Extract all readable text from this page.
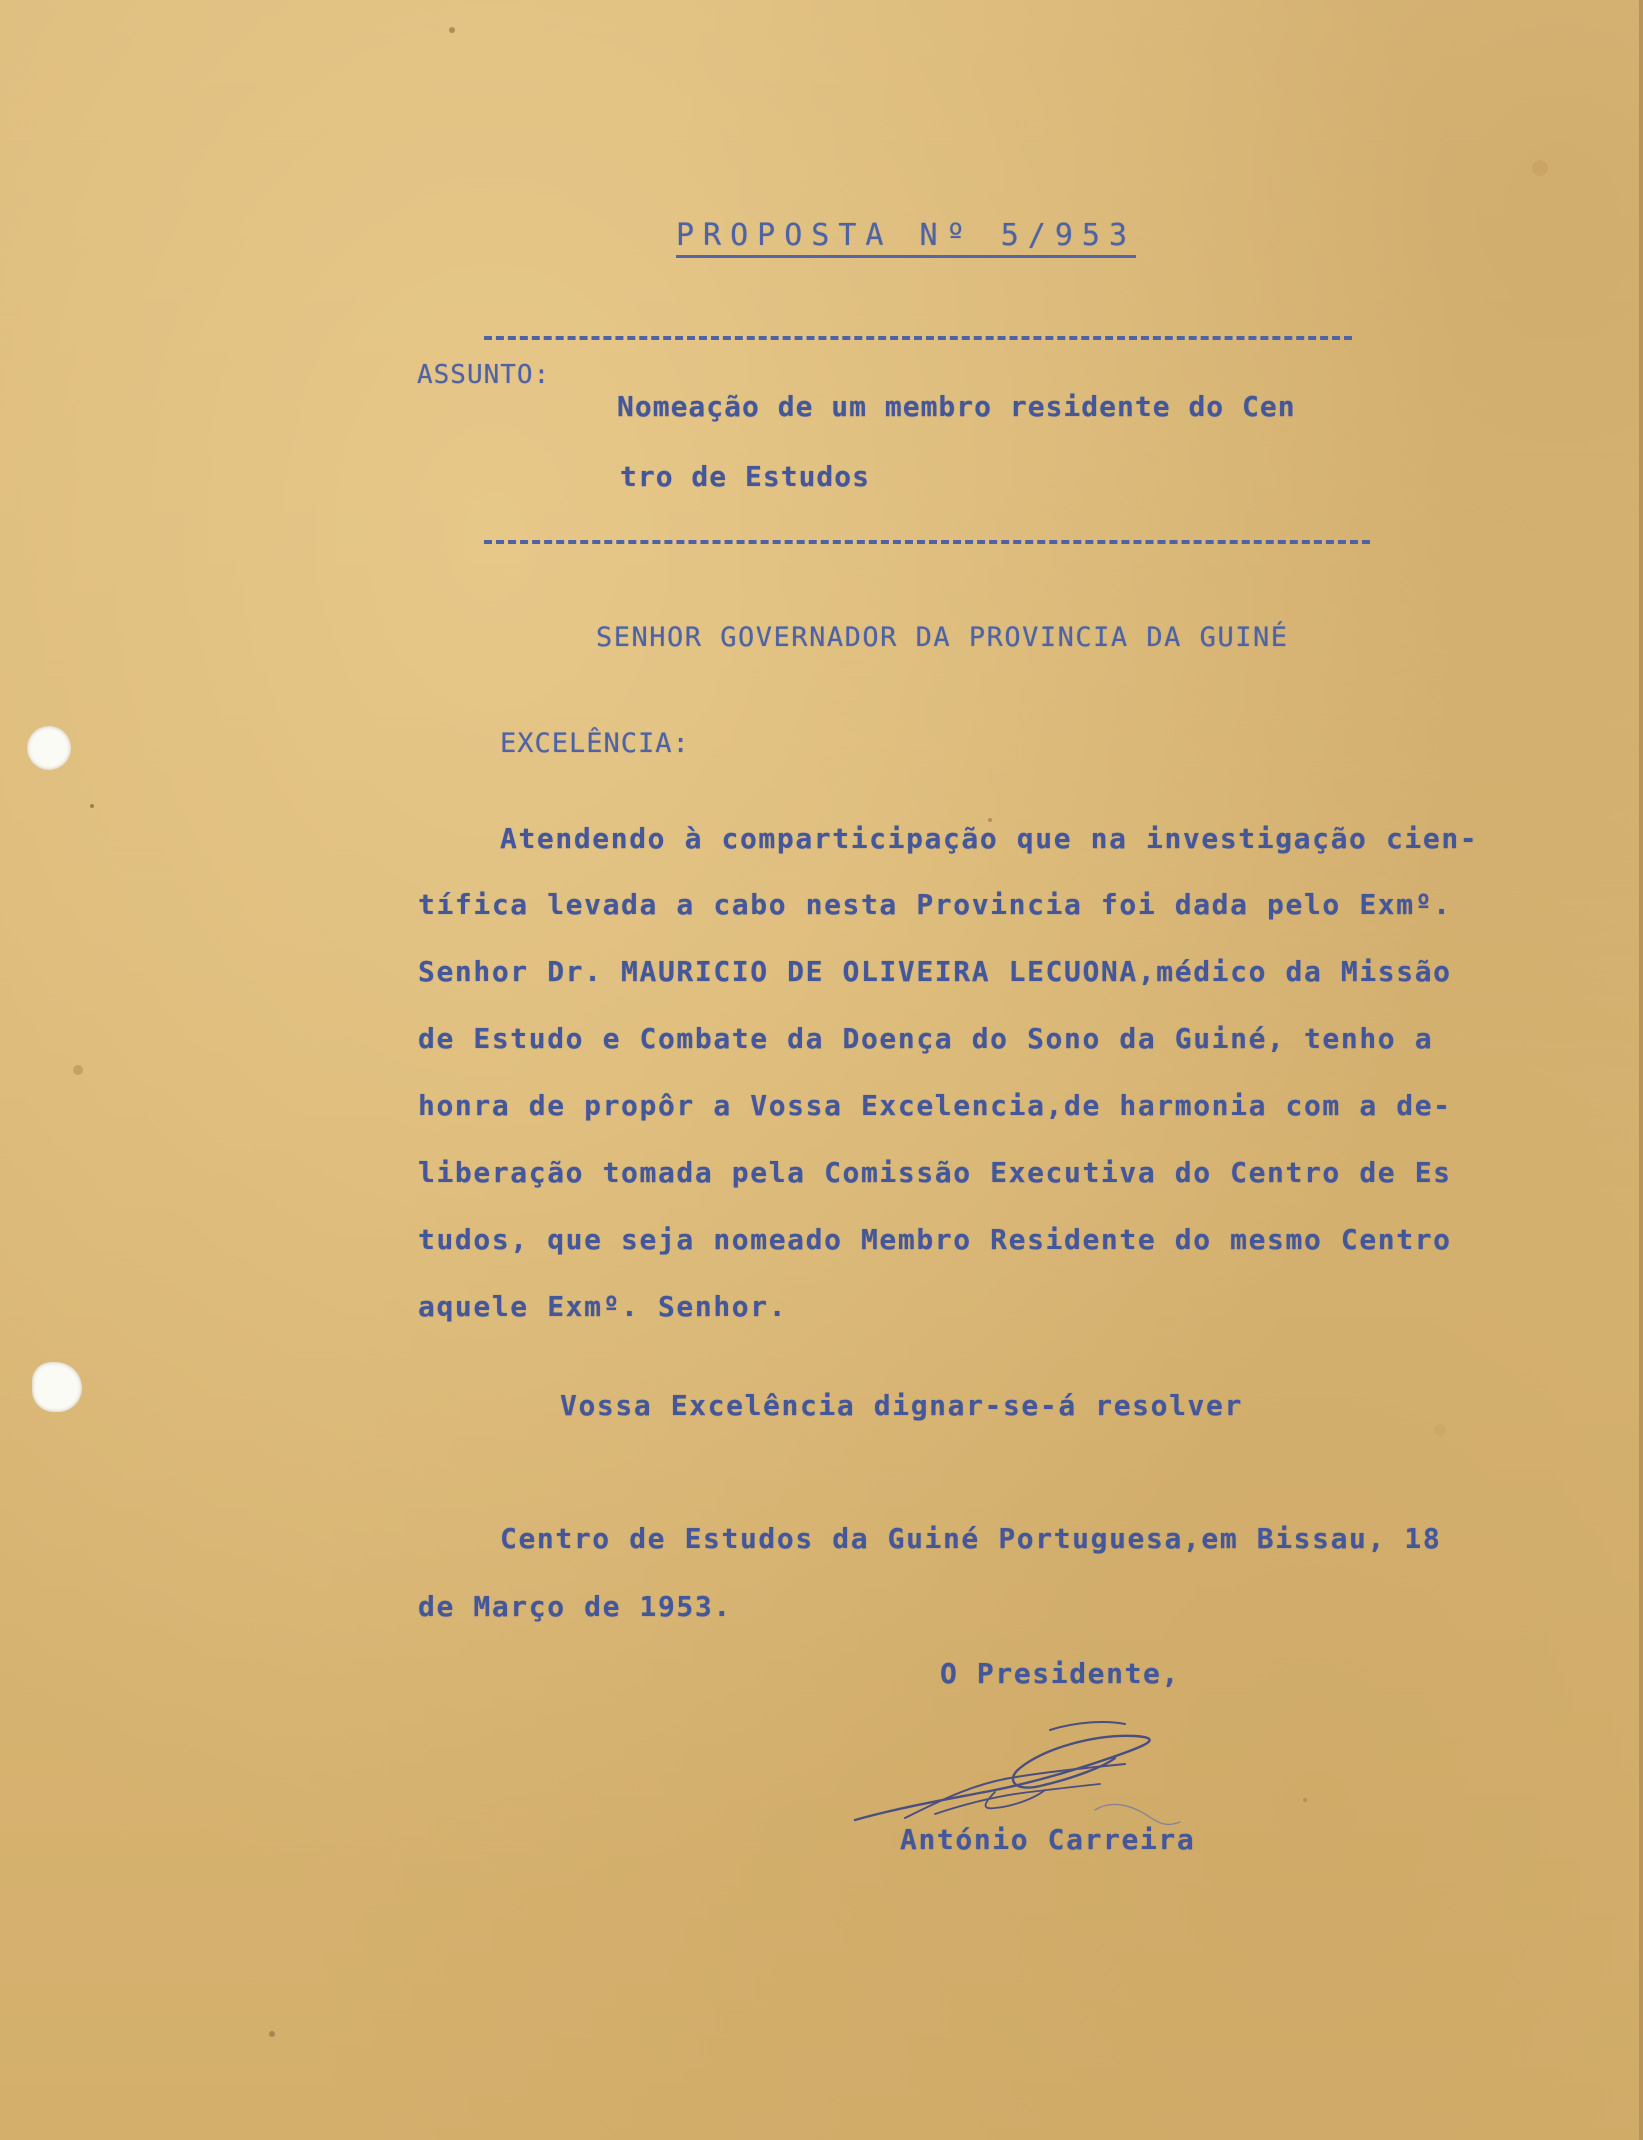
PROPOSTA Nº 5/953
ASSUNTO:
Nomeação de um membro residente do Cen
tro de Estudos
SENHOR GOVERNADOR DA PROVINCIA DA GUINÉ
EXCELÊNCIA:
Atendendo à comparticipação que na investigação cien-
tífica levada a cabo nesta Provincia foi dada pelo Exmº.
Senhor Dr. MAURICIO DE OLIVEIRA LECUONA,médico da Missão
de Estudo e Combate da Doença do Sono da Guiné, tenho a
honra de propôr a Vossa Excelencia,de harmonia com a de-
liberação tomada pela Comissão Executiva do Centro de Es
tudos, que seja nomeado Membro Residente do mesmo Centro
aquele Exmº. Senhor.
Vossa Excelência dignar-se-á resolver
Centro de Estudos da Guiné Portuguesa,em Bissau, 18
de Março de 1953.
O Presidente,
António Carreira
